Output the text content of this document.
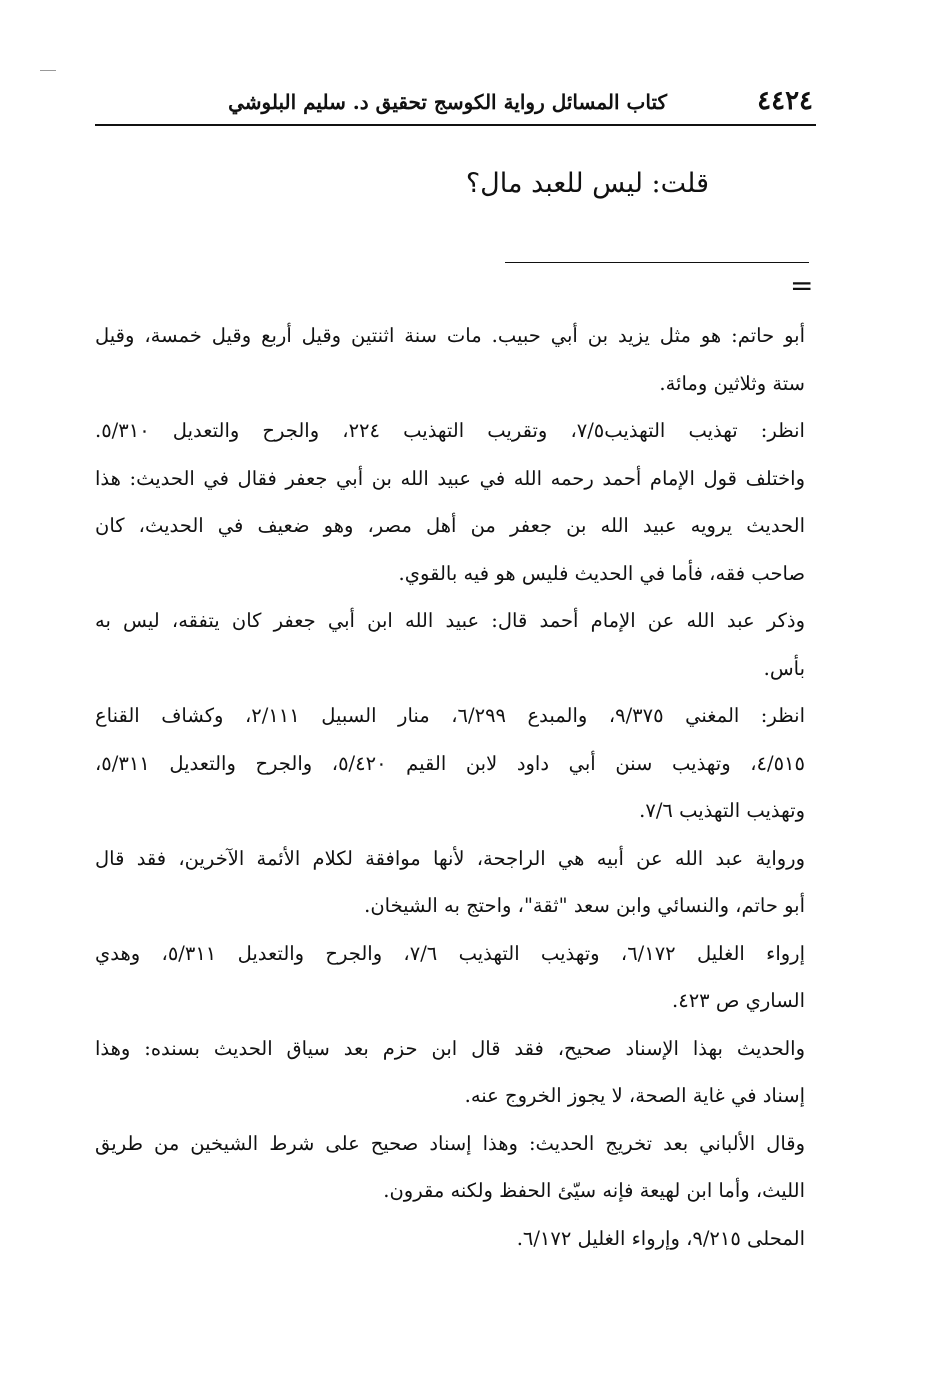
٤٤٢٤
كتاب المسائل رواية الكوسج تحقيق د. سليم البلوشي
قلت: ليس للعبد مال؟
=
أبو حاتم: هو مثل يزيد بن أبي حبيب. مات سنة اثنتين وقيل أربع وقيل خمسة، وقيل
ستة وثلاثين ومائة.
انظر: تهذيب التهذيب٧/٥، وتقريب التهذيب ٢٢٤، والجرح والتعديل ٥/٣١٠.
واختلف قول الإمام أحمد رحمه الله في عبيد الله بن أبي جعفر فقال في الحديث: هذا
الحديث يرويه عبيد الله بن جعفر من أهل مصر، وهو ضعيف في الحديث، كان
صاحب فقه، فأما في الحديث فليس هو فيه بالقوي.
وذكر عبد الله عن الإمام أحمد قال: عبيد الله ابن أبي جعفر كان يتفقه، ليس به
بأس.
انظر: المغني ٩/٣٧٥، والمبدع ٦/٢٩٩، منار السبيل ٢/١١١، وكشاف القناع
٤/٥١٥، وتهذيب سنن أبي داود لابن القيم ٥/٤٢٠، والجرح والتعديل ٥/٣١١،
وتهذيب التهذيب ٧/٦.
ورواية عبد الله عن أبيه هي الراجحة، لأنها موافقة لكلام الأئمة الآخرين، فقد قال
أبو حاتم، والنسائي وابن سعد "ثقة"، واحتج به الشيخان.
إرواء الغليل ٦/١٧٢، وتهذيب التهذيب ٧/٦، والجرح والتعديل ٥/٣١١، وهدي
الساري ص ٤٢٣.
والحديث بهذا الإسناد صحيح، فقد قال ابن حزم بعد سياق الحديث بسنده: وهذا
إسناد في غاية الصحة، لا يجوز الخروج عنه.
وقال الألباني بعد تخريج الحديث: وهذا إسناد صحيح على شرط الشيخين من طريق
الليث، وأما ابن لهيعة فإنه سيّئ الحفظ ولكنه مقرون.
المحلى ٩/٢١٥، وإرواء الغليل ٦/١٧٢.
